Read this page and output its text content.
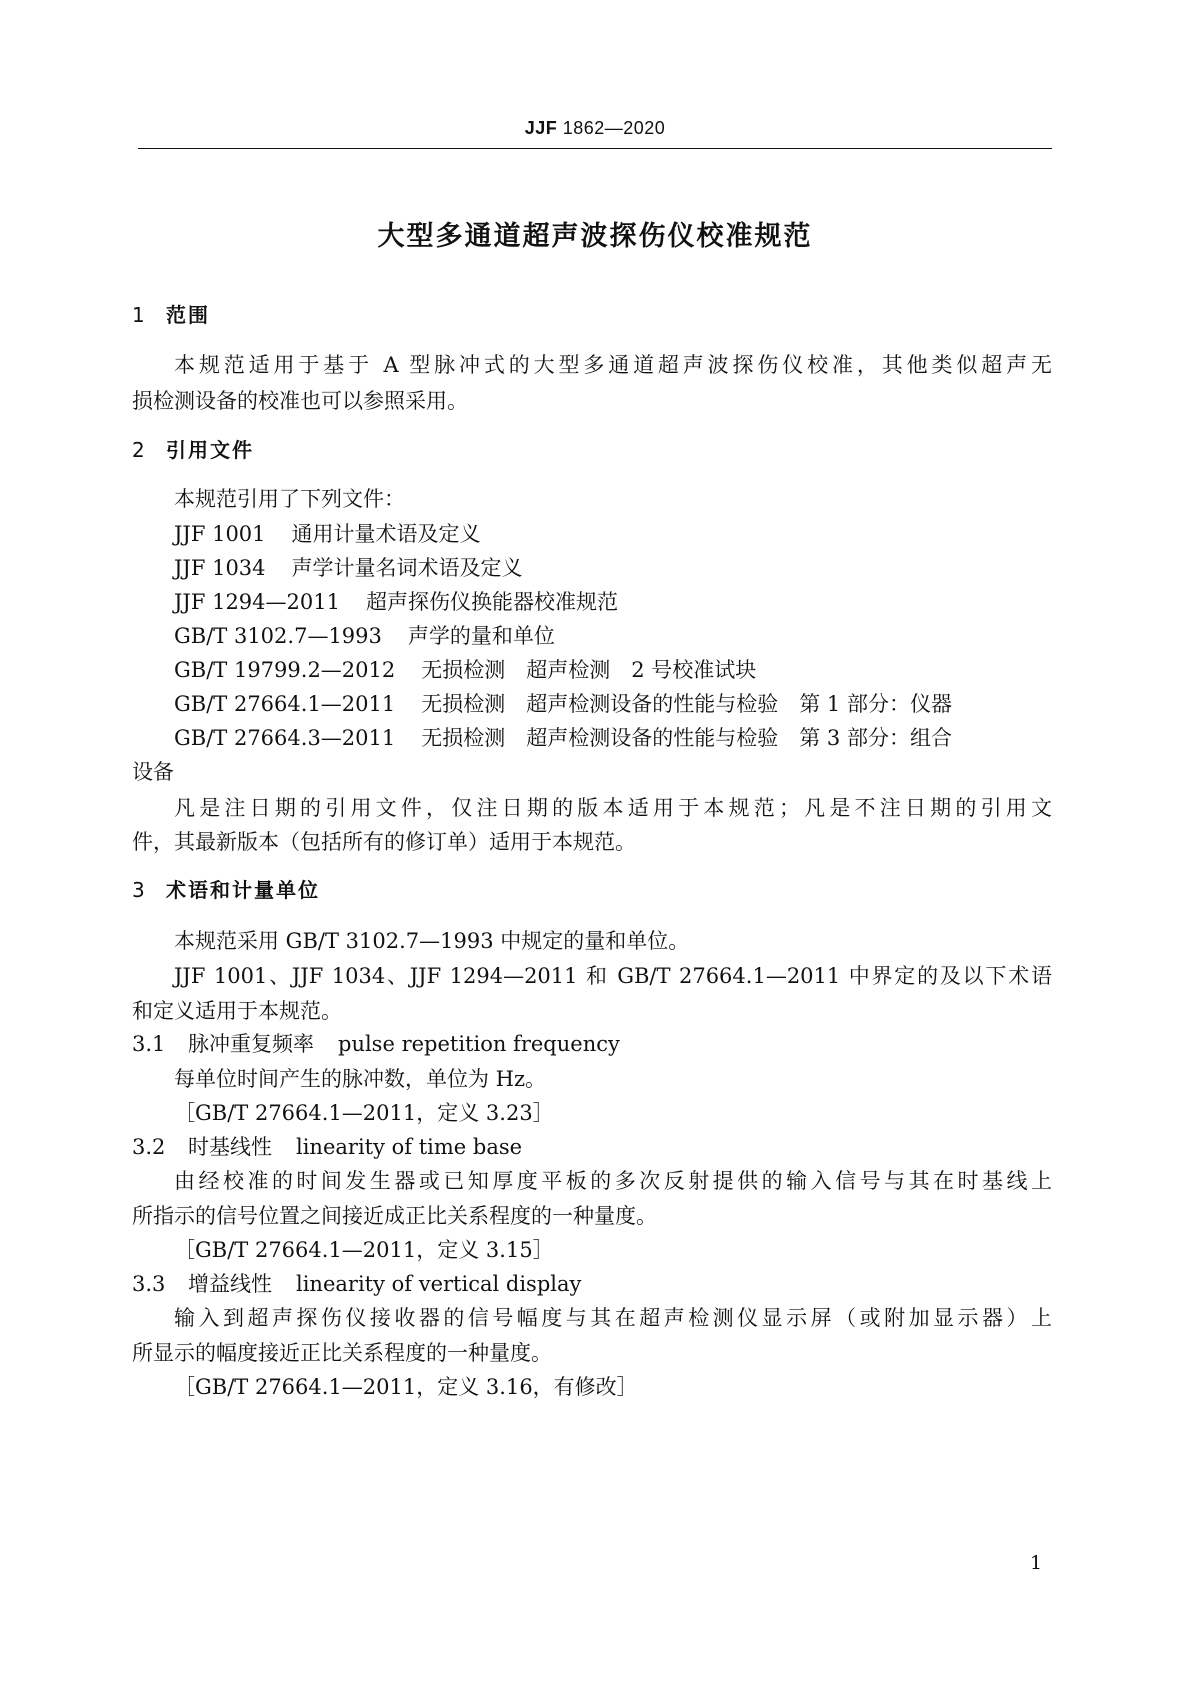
JJF 1862—2020
大型多通道超声波探伤仪校准规范
1 范围
本规范适用于基于 A 型脉冲式的大型多通道超声波探伤仪校准，其他类似超声无
损检测设备的校准也可以参照采用。
2 引用文件
本规范引用了下列文件：
JJF 1001 通用计量术语及定义
JJF 1034 声学计量名词术语及定义
JJF 1294—2011 超声探伤仪换能器校准规范
GB/T 3102.7—1993 声学的量和单位
GB/T 19799.2—2012 无损检测　超声检测　2 号校准试块
GB/T 27664.1—2011 无损检测　超声检测设备的性能与检验　第 1 部分：仪器
GB/T 27664.3—2011 无损检测　超声检测设备的性能与检验　第 3 部分：组合
设备
凡是注日期的引用文件，仅注日期的版本适用于本规范；凡是不注日期的引用文
件，其最新版本（包括所有的修订单）适用于本规范。
3 术语和计量单位
本规范采用 GB/T 3102.7—1993 中规定的量和单位。
JJF 1001、JJF 1034、JJF 1294—2011 和 GB/T 27664.1—2011 中界定的及以下术语
和定义适用于本规范。
3.1 脉冲重复频率 pulse repetition frequency
每单位时间产生的脉冲数，单位为 Hz。
［GB/T 27664.1—2011，定义 3.23］
3.2 时基线性 linearity of time base
由经校准的时间发生器或已知厚度平板的多次反射提供的输入信号与其在时基线上
所指示的信号位置之间接近成正比关系程度的一种量度。
［GB/T 27664.1—2011，定义 3.15］
3.3 增益线性 linearity of vertical display
输入到超声探伤仪接收器的信号幅度与其在超声检测仪显示屏（或附加显示器）上
所显示的幅度接近正比关系程度的一种量度。
［GB/T 27664.1—2011，定义 3.16，有修改］
1
